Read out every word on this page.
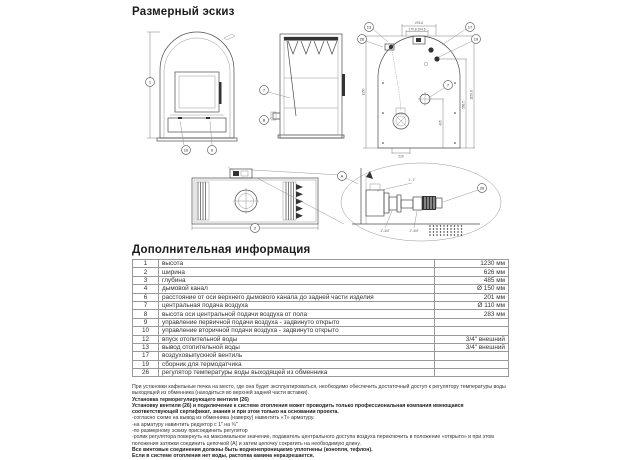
Размерный эскиз
1
10	9
7
8
276.6
170.8-194.6
1150
566.5
1150.8
495
220
17
19
13
26
7
2
1 - 1"
1"-3/4"	1"-3/4"
A
26
Дополнительная информация
1	высота	1230 мм
2	ширина	626 мм
3	глубина	485 мм
4	дымовой канал	Ø 150 мм
6	расстояние от оси верхнего дымового канала до задней части изделия	201 мм
7	центральная подача воздуха	Ø 110 мм
8	высота оси центральной подачи воздуха от пола	283 мм
9	управление первичной подачи воздуха - задвинуто открыто	
10	управление вторичной подачи воздуха - задвинуто открыто	
12	впуск отопительной воды	3/4" внешний
13	вывод отопительной воды	3/4" внешний
17	воздуховыпускной вентиль	
19	сборник для термодатчика	
26	регулятор температуры воды выходящей из обменника	
При установки кафельные печка на место, где она будет эксплуатироваться, необходимо обеспечить достаточный доступ к регулятору температуры воды выходящей из обменника (находиться во верхней задней части вставки).
Установка терморегулирующего вентиля (26)
Установку вентиля (26) и подключение к системе отопления может проводить только профессиональная компания имеющаяся соответствующей сертификат, знания и при этом только на основании проекта.
-согласно схеме на вывод из обменника (наверху) навинтить «Т» арматуру.
-на арматуру навинтить редуктор с 1" на ¾"
-по размерному эскизу присоединить регулятор
-ролик регулятора повернуть на максимальное значение, подаватель центрального доступа воздуха переключить в положение «открыто» и при этом положения затяжки соединить цепочкой (А) и затем цепочку сократить на необходимую длину.
Все винтовые соединения должны быть водненепроницаемо уплотнены (конопля, тефлон).
Если в системе отопления нет воды, растопка камина неразрешается.
